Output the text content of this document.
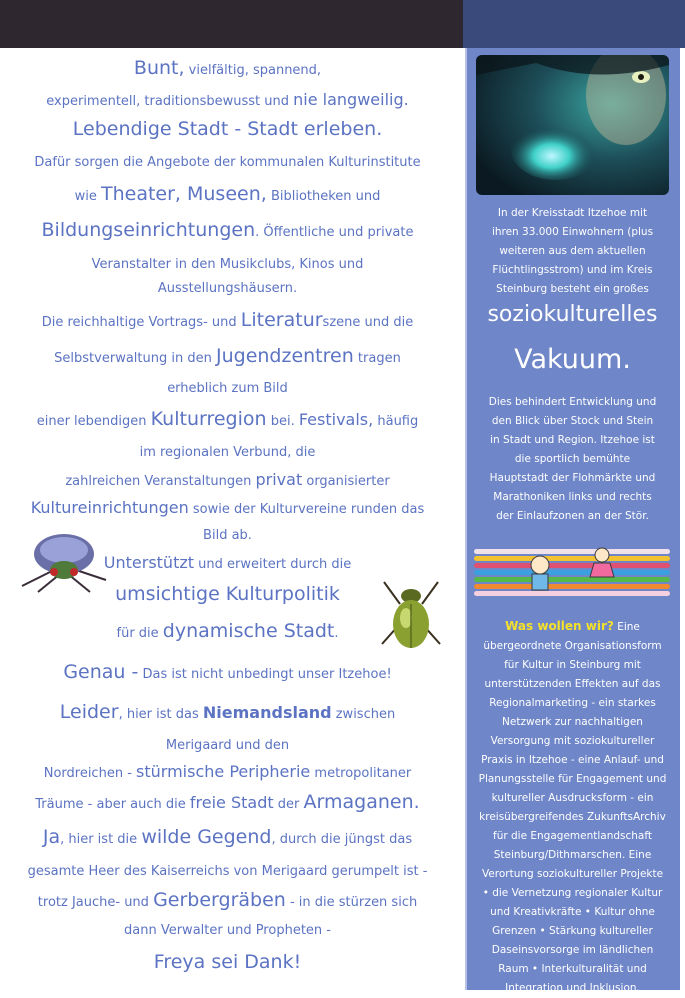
Bunt, vielfältig, spannend,
experimentell, traditionsbewusst und nie langweilig.
Lebendige Stadt - Stadt erleben.
Dafür sorgen die Angebote der kommunalen Kulturinstitute
wie Theater, Museen, Bibliotheken und
Bildungseinrichtungen. Öffentliche und private
Veranstalter in den Musikclubs, Kinos und
Ausstellungshäusern.
Die reichhaltige Vortrags- und Literaturszene und die
Selbstverwaltung in den Jugendzentren tragen
erheblich zum Bild
einer lebendigen Kulturregion bei. Festivals, häufig
im regionalen Verbund, die
zahlreichen Veranstaltungen privat organisierter
Kultureinrichtungen sowie der Kulturvereine runden das
Bild ab.
Unterstützt und erweitert durch die
umsichtige Kulturpolitik
für die dynamische Stadt.
Genau - Das ist nicht unbedingt unser Itzehoe!
Leider, hier ist das Niemandsland zwischen
Merigaard und den
Nordreichen - stürmische Peripherie metropolitaner
Träume - aber auch die freie Stadt der Armaganen.
Ja, hier ist die wilde Gegend, durch die jüngst das
gesamte Heer des Kaiserreichs von Merigaard gerumpelt ist -
trotz Jauche- und Gerbergräben - in die stürzen sich
dann Verwalter und Propheten -
Freya sei Dank!
In der Kreisstadt Itzehoe mit
ihren 33.000 Einwohnern (plus
weiteren aus dem aktuellen
Flüchtlingsstrom) und im Kreis
Steinburg besteht ein großes
soziokulturelles
Vakuum.
Dies behindert Entwicklung und
den Blick über Stock und Stein
in Stadt und Region. Itzehoe ist
die sportlich bemühte
Hauptstadt der Flohmärkte und
Marathoniken links und rechts
der Einlaufzonen an der Stör.
Was wollen wir? Eine
übergeordnete Organisationsform
für Kultur in Steinburg mit
unterstützenden Effekten auf das
Regionalmarketing - ein starkes
Netzwerk zur nachhaltigen
Versorgung mit soziokultureller
Praxis in Itzehoe - eine Anlauf- und
Planungsstelle für Engagement und
kultureller Ausdrucksform - ein
kreisübergreifendes ZukunftsArchiv
für die Engagementlandschaft
Steinburg/Dithmarschen. Eine
Verortung soziokultureller Projekte
• die Vernetzung regionaler Kultur
und Kreativkräfte • Kultur ohne
Grenzen • Stärkung kultureller
Daseinsvorsorge im ländlichen
Raum • Interkulturalität und
Integration und Inklusion.
